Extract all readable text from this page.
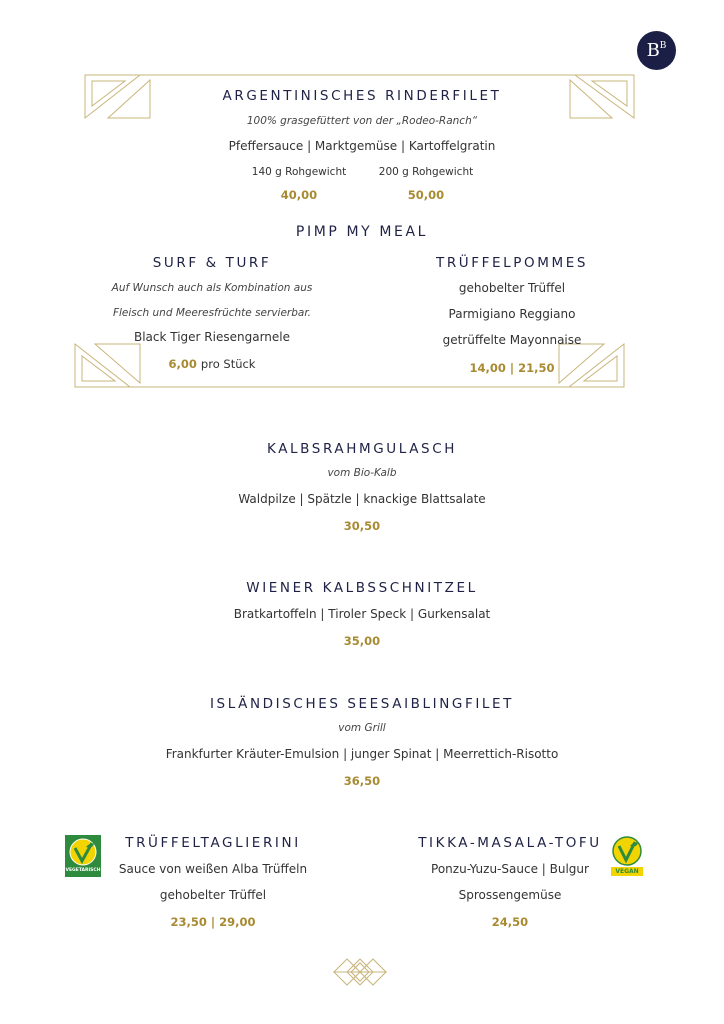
$B^B$
ARGENTINISCHES RINDERFILET
100% grasgefüttert von der „Rodeo-Ranch“
Pfeffersauce | Marktgemüse | Kartoffelgratin
140 g Rohgewicht	200 g Rohgewicht
40,00	50,00
PIMP MY MEAL
SURF & TURF
Auf Wunsch auch als Kombination aus
Fleisch und Meeresfrüchte servierbar.
Black Tiger Riesengarnele
6,00 pro Stück
TRÜFFELPOMMES
gehobelter Trüffel
Parmigiano Reggiano
getrüffelte Mayonnaise
14,00 | 21,50
KALBSRAHMGULASCH
vom Bio-Kalb
Waldpilze | Spätzle | knackige Blattsalate
30,50
WIENER KALBSSCHNITZEL
Bratkartoffeln | Tiroler Speck | Gurkensalat
35,00
ISLÄNDISCHES SEESAIBLINGFILET
vom Grill
Frankfurter Kräuter-Emulsion | junger Spinat | Meerrettich-Risotto
36,50
VEGETARISCH
TRÜFFELTAGLIERINI
Sauce von weißen Alba Trüffeln
gehobelter Trüffel
23,50 | 29,00
TIKKA-MASALA-TOFU
Ponzu-Yuzu-Sauce | Bulgur
Sprossengemüse
24,50
VEGAN
